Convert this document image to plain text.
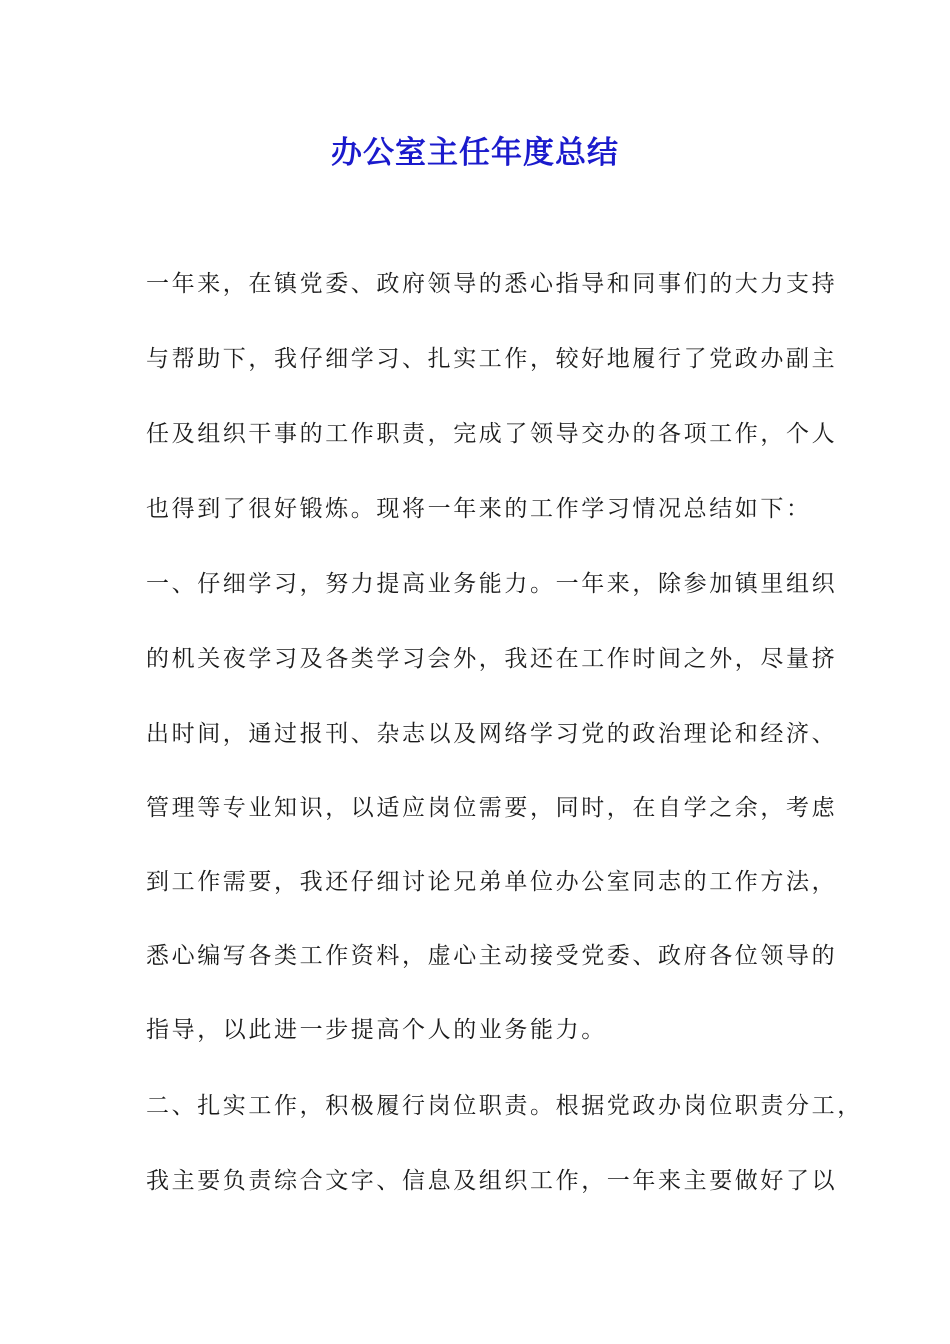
办公室主任年度总结

一年来，在镇党委、政府领导的悉心指导和同事们的大力支持

与帮助下，我仔细学习、扎实工作，较好地履行了党政办副主

任及组织干事的工作职责，完成了领导交办的各项工作，个人

也得到了很好锻炼。现将一年来的工作学习情况总结如下：

一、仔细学习，努力提高业务能力。一年来，除参加镇里组织

的机关夜学习及各类学习会外，我还在工作时间之外，尽量挤

出时间，通过报刊、杂志以及网络学习党的政治理论和经济、

管理等专业知识，以适应岗位需要，同时，在自学之余，考虑

到工作需要，我还仔细讨论兄弟单位办公室同志的工作方法，

悉心编写各类工作资料，虚心主动接受党委、政府各位领导的

指导，以此进一步提高个人的业务能力。

二、扎实工作，积极履行岗位职责。根据党政办岗位职责分工，

我主要负责综合文字、信息及组织工作，一年来主要做好了以
